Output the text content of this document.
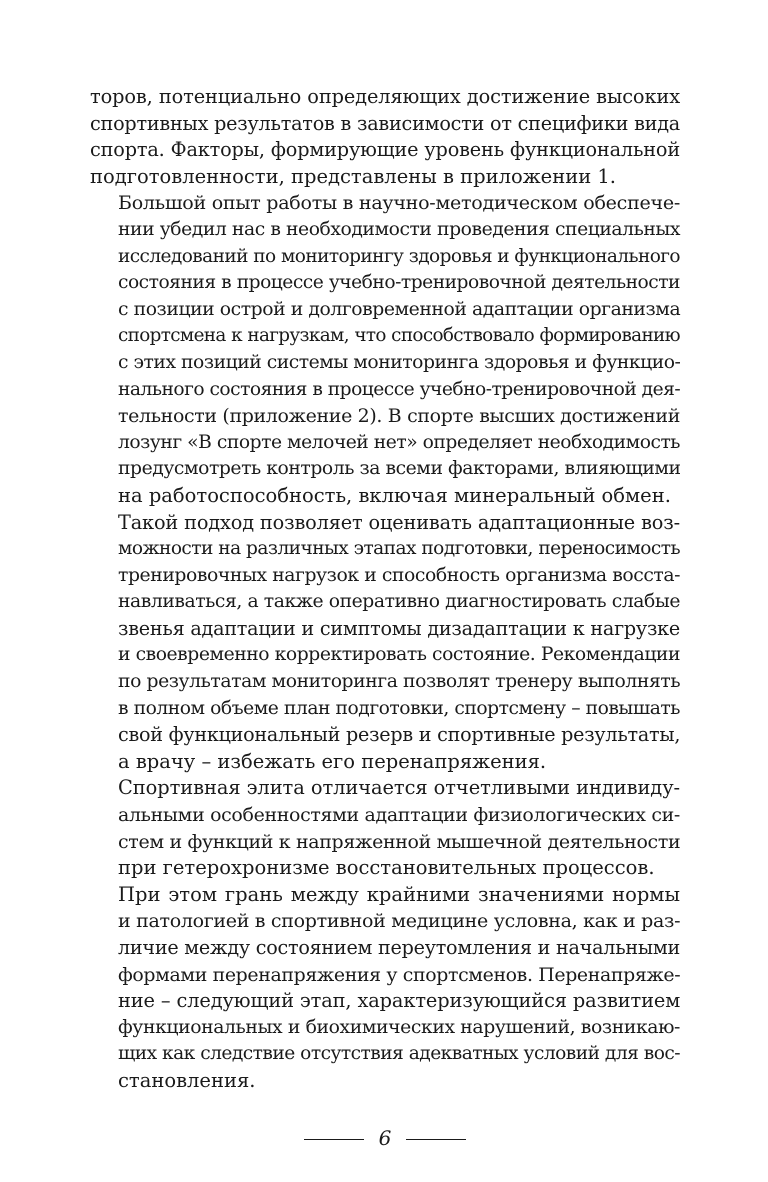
торов, потенциально определяющих достижение высоких
спортивных результатов в зависимости от специфики вида
спорта. Факторы, формирующие уровень функциональной
подготовленности, представлены в приложении 1.

Большой опыт работы в научно-методическом обеспече-
нии убедил нас в необходимости проведения специальных
исследований по мониторингу здоровья и функционального
состояния в процессе учебно-тренировочной деятельности
с позиции острой и долговременной адаптации организма
спортсмена к нагрузкам, что способствовало формированию
с этих позиций системы мониторинга здоровья и функцио-
нального состояния в процессе учебно-тренировочной дея-
тельности (приложение 2). В спорте высших достижений
лозунг «В спорте мелочей нет» определяет необходимость
предусмотреть контроль за всеми факторами, влияющими
на работоспособность, включая минеральный обмен.

Такой подход позволяет оценивать адаптационные воз-
можности на различных этапах подготовки, переносимость
тренировочных нагрузок и способность организма восста-
навливаться, а также оперативно диагностировать слабые
звенья адаптации и симптомы дизадаптации к нагрузке
и своевременно корректировать состояние. Рекомендации
по результатам мониторинга позволят тренеру выполнять
в полном объеме план подготовки, спортсмену – повышать
свой функциональный резерв и спортивные результаты,
а врачу – избежать его перенапряжения.

Спортивная элита отличается отчетливыми индивиду-
альными особенностями адаптации физиологических си-
стем и функций к напряженной мышечной деятельности
при гетерохронизме восстановительных процессов.

При этом грань между крайними значениями нормы
и патологией в спортивной медицине условна, как и раз-
личие между состоянием переутомления и начальными
формами перенапряжения у спортсменов. Перенапряже-
ние – следующий этап, характеризующийся развитием
функциональных и биохимических нарушений, возникаю-
щих как следствие отсутствия адекватных условий для вос-
становления.

6
